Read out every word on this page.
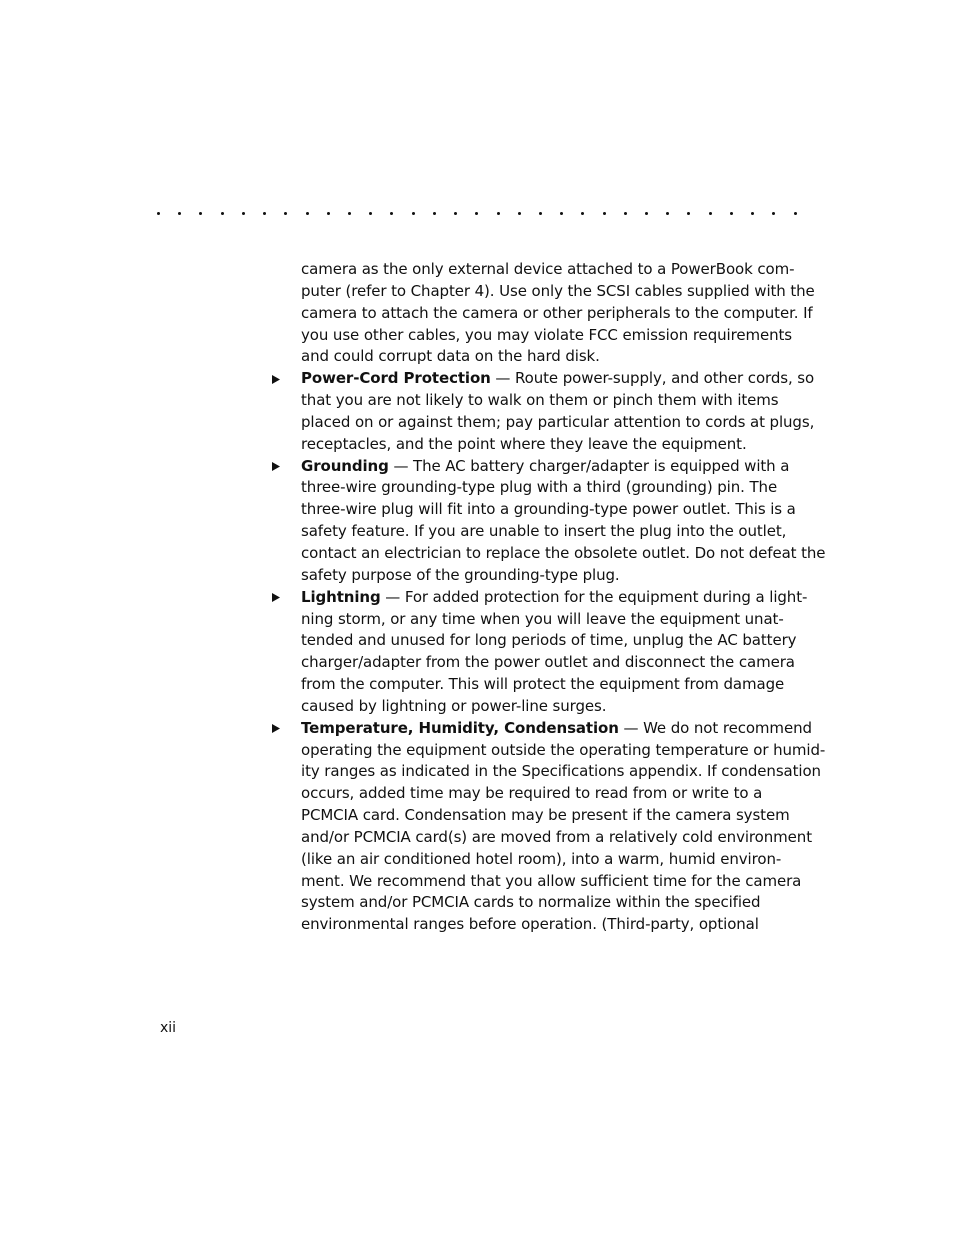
camera as the only external device attached to a PowerBook com-
puter (refer to Chapter 4). Use only the SCSI cables supplied with the
camera to attach the camera or other peripherals to the computer. If
you use other cables, you may violate FCC emission requirements
and could corrupt data on the hard disk.
Power-Cord Protection — Route power-supply, and other cords, so
that you are not likely to walk on them or pinch them with items
placed on or against them; pay particular attention to cords at plugs,
receptacles, and the point where they leave the equipment.
Grounding — The AC battery charger/adapter is equipped with a
three-wire grounding-type plug with a third (grounding) pin. The
three-wire plug will fit into a grounding-type power outlet. This is a
safety feature. If you are unable to insert the plug into the outlet,
contact an electrician to replace the obsolete outlet. Do not defeat the
safety purpose of the grounding-type plug.
Lightning — For added protection for the equipment during a light-
ning storm, or any time when you will leave the equipment unat-
tended and unused for long periods of time, unplug the AC battery
charger/adapter from the power outlet and disconnect the camera
from the computer. This will protect the equipment from damage
caused by lightning or power-line surges.
Temperature, Humidity, Condensation — We do not recommend
operating the equipment outside the operating temperature or humid-
ity ranges as indicated in the Specifications appendix. If condensation
occurs, added time may be required to read from or write to a
PCMCIA card. Condensation may be present if the camera system
and/or PCMCIA card(s) are moved from a relatively cold environment
(like an air conditioned hotel room), into a warm, humid environ-
ment. We recommend that you allow sufficient time for the camera
system and/or PCMCIA cards to normalize within the specified
environmental ranges before operation. (Third-party, optional
xii
